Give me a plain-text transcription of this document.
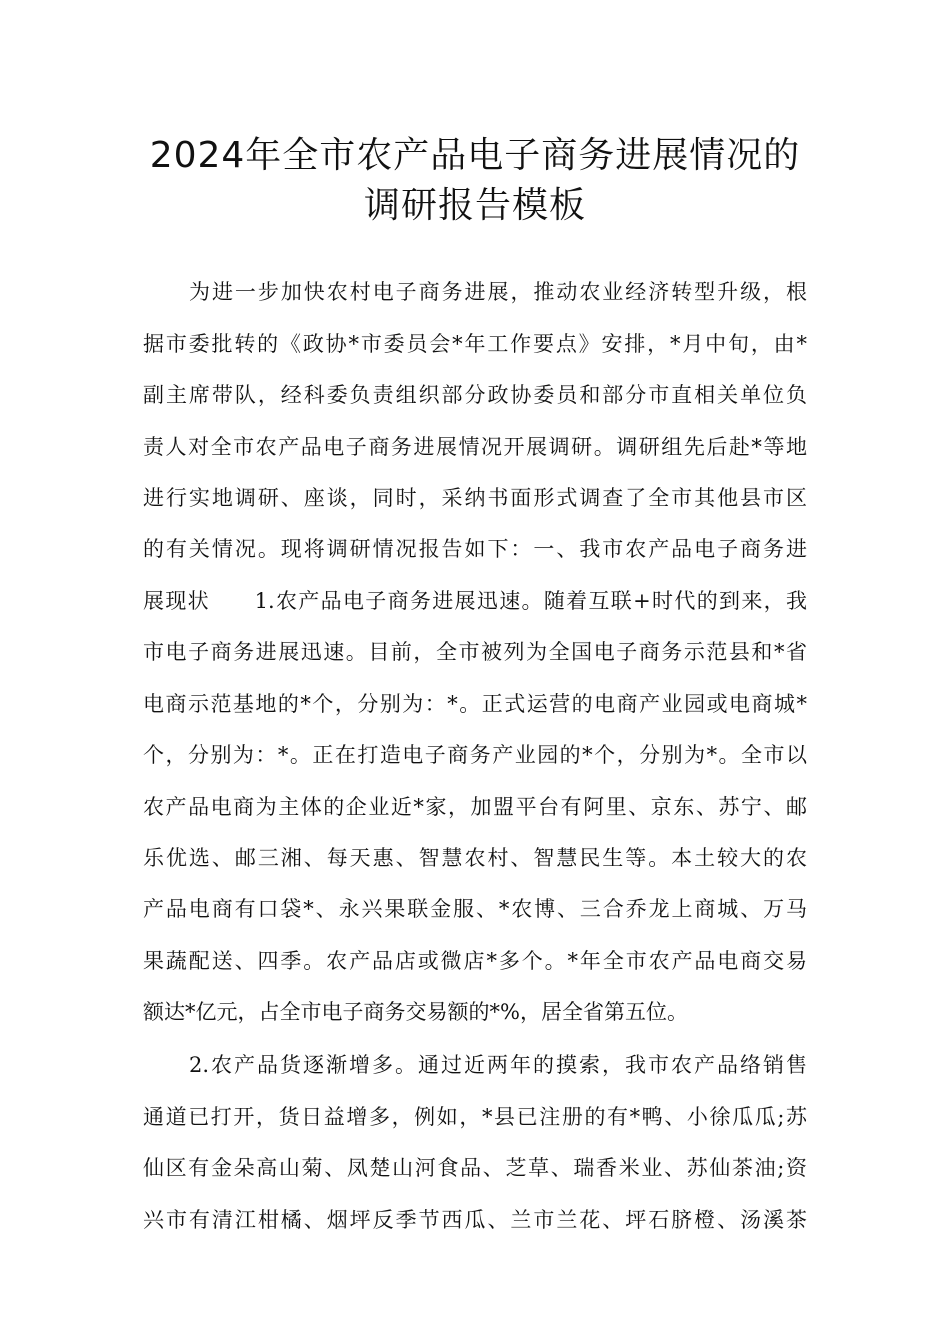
2024年全市农产品电子商务进展情况的
调研报告模板
为进一步加快农村电子商务进展，推动农业经济转型升级，根
据市委批转的《政协*市委员会*年工作要点》安排，*月中旬，由*
副主席带队，经科委负责组织部分政协委员和部分市直相关单位负
责人对全市农产品电子商务进展情况开展调研。调研组先后赴*等地
进行实地调研、座谈，同时，采纳书面形式调查了全市其他县市区
的有关情况。现将调研情况报告如下：一、我市农产品电子商务进
展现状　　1.农产品电子商务进展迅速。随着互联+时代的到来，我
市电子商务进展迅速。目前，全市被列为全国电子商务示范县和*省
电商示范基地的*个，分别为：*。正式运营的电商产业园或电商城*
个，分别为：*。正在打造电子商务产业园的*个，分别为*。全市以
农产品电商为主体的企业近*家，加盟平台有阿里、京东、苏宁、邮
乐优选、邮三湘、每天惠、智慧农村、智慧民生等。本土较大的农
产品电商有口袋*、永兴果联金服、*农博、三合乔龙上商城、万马
果蔬配送、四季。农产品店或微店*多个。*年全市农产品电商交易
额达*亿元，占全市电子商务交易额的*%，居全省第五位。
2.农产品货逐渐增多。通过近两年的摸索，我市农产品络销售
通道已打开，货日益增多，例如，*县已注册的有*鸭、小徐瓜瓜;苏
仙区有金朵高山菊、凤楚山河食品、芝草、瑞香米业、苏仙茶油;资
兴市有清江柑橘、烟坪反季节西瓜、兰市兰花、坪石脐橙、汤溪茶
